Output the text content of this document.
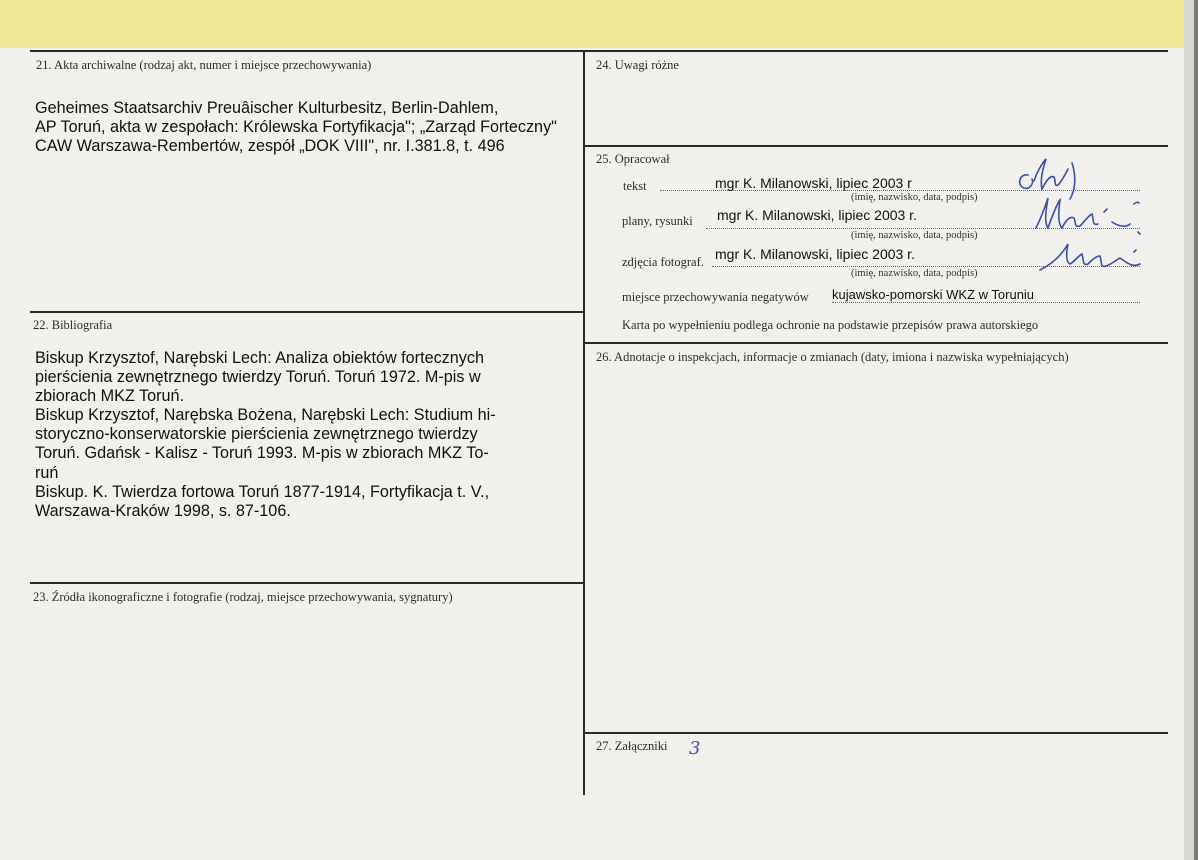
21. Akta archiwalne (rodzaj akt, numer i miejsce przechowywania)
Geheimes Staatsarchiv Preuâischer Kulturbesitz, Berlin-Dahlem,
AP Toruń, akta w zespołach: Królewska Fortyfikacja"; „Zarząd Forteczny"
CAW Warszawa-Rembertów, zespół „DOK VIII", nr. I.381.8, t. 496
22. Bibliografia
Biskup Krzysztof, Narębski Lech: Analiza obiektów fortecznych
pierścienia zewnętrznego twierdzy Toruń. Toruń 1972. M-pis w
zbiorach MKZ Toruń.
Biskup Krzysztof, Narębska Bożena, Narębski Lech: Studium hi-
storyczno-konserwatorskie pierścienia zewnętrznego twierdzy
Toruń. Gdańsk - Kalisz - Toruń 1993. M-pis w zbiorach MKZ To-
ruń
Biskup. K. Twierdza fortowa Toruń 1877-1914, Fortyfikacja t. V.,
Warszawa-Kraków 1998, s. 87-106.
23. Źródła ikonograficzne i fotografie (rodzaj, miejsce przechowywania, sygnatury)
24. Uwagi różne
25. Opracował
tekst	mgr K. Milanowski, lipiec 2003 r
(imię, nazwisko, data, podpis)
plany, rysunki mgr K. Milanowski, lipiec 2003 r.
(imię, nazwisko, data, podpis)
zdjęcia fotograf. mgr K. Milanowski, lipiec 2003 r.
(imię, nazwisko, data, podpis)
miejsce przechowywania negatywów kujawsko-pomorski WKZ w Toruniu
Karta po wypełnieniu podlega ochronie na podstawie przepisów prawa autorskiego
26. Adnotacje o inspekcjach, informacje o zmianach (daty, imiona i nazwiska wypełniających)
27. Załączniki 3
